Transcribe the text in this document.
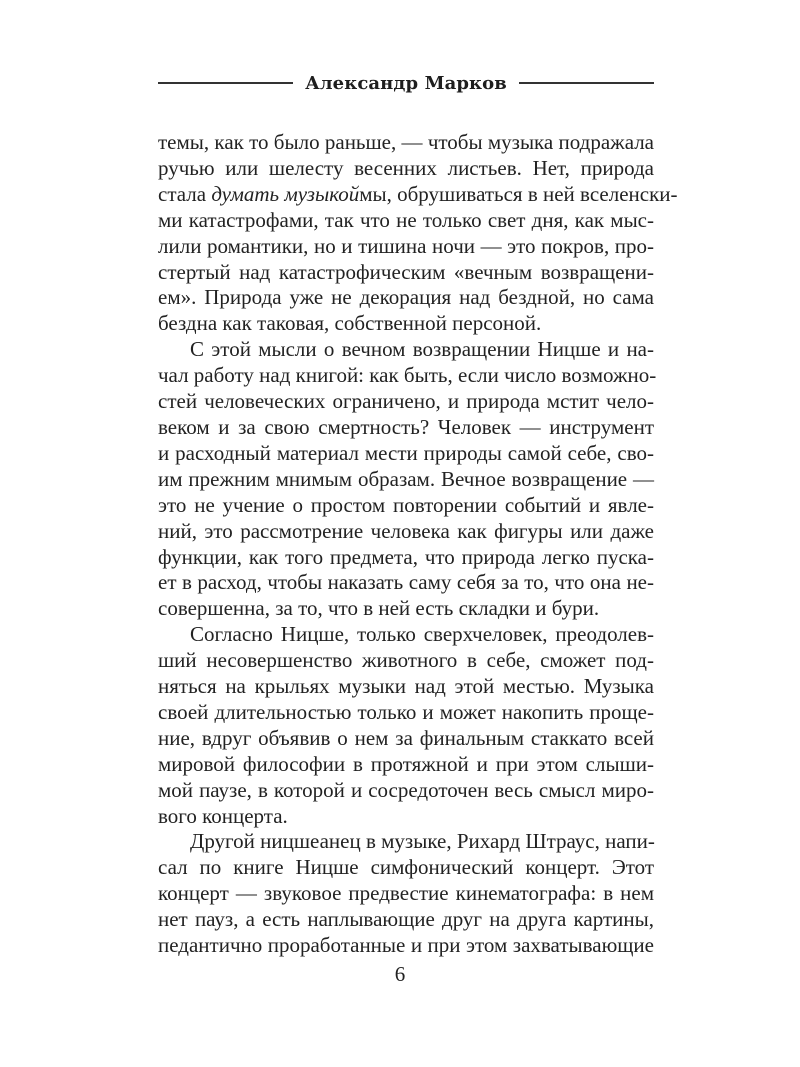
Александр Марков

темы, как то было раньше, — чтобы музыка подражала
ручью или шелесту весенних листьев. Нет, природа
стала думать музыкоймы, обрушиваться в ней вселенски-
ми катастрофами, так что не только свет дня, как мыс-
лили романтики, но и тишина ночи — это покров, про-
стертый над катастрофическим «вечным возвращени-
ем». Природа уже не декорация над бездной, но сама
бездна как таковая, собственной персоной.

С этой мысли о вечном возвращении Ницше и на-
чал работу над книгой: как быть, если число возможно-
стей человеческих ограничено, и природа мстит чело-
веком и за свою смертность? Человек — инструмент
и расходный материал мести природы самой себе, сво-
им прежним мнимым образам. Вечное возвращение —
это не учение о простом повторении событий и явле-
ний, это рассмотрение человека как фигуры или даже
функции, как того предмета, что природа легко пуска-
ет в расход, чтобы наказать саму себя за то, что она не-
совершенна, за то, что в ней есть складки и бури.

Согласно Ницше, только сверхчеловек, преодолев-
ший несовершенство животного в себе, сможет под-
няться на крыльях музыки над этой местью. Музыка
своей длительностью только и может накопить проще-
ние, вдруг объявив о нем за финальным стаккато всей
мировой философии в протяжной и при этом слыши-
мой паузе, в которой и сосредоточен весь смысл миро-
вого концерта.

Другой ницшеанец в музыке, Рихард Штраус, напи-
сал по книге Ницше симфонический концерт. Этот
концерт — звуковое предвестие кинематографа: в нем
нет пауз, а есть наплывающие друг на друга картины,
педантично проработанные и при этом захватывающие

6
